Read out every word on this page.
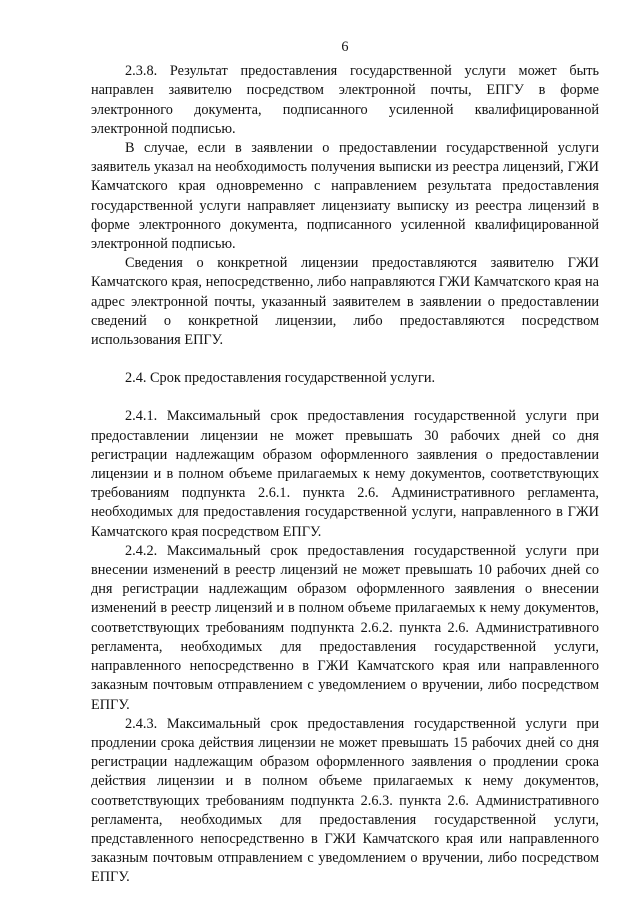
6

2.3.8. Результат предоставления государственной услуги может быть направлен заявителю посредством электронной почты, ЕПГУ в форме электронного документа, подписанного усиленной квалифицированной электронной подписью.

В случае, если в заявлении о предоставлении государственной услуги заявитель указал на необходимость получения выписки из реестра лицензий, ГЖИ Камчатского края одновременно с направлением результата предоставления государственной услуги направляет лицензиату выписку из реестра лицензий в форме электронного документа, подписанного усиленной квалифицированной электронной подписью.

Сведения о конкретной лицензии предоставляются заявителю ГЖИ Камчатского края, непосредственно, либо направляются ГЖИ Камчатского края на адрес электронной почты, указанный заявителем в заявлении о предоставлении сведений о конкретной лицензии, либо предоставляются посредством использования ЕПГУ.

2.4. Срок предоставления государственной услуги.

2.4.1. Максимальный срок предоставления государственной услуги при предоставлении лицензии не может превышать 30 рабочих дней со дня регистрации надлежащим образом оформленного заявления о предоставлении лицензии и в полном объеме прилагаемых к нему документов, соответствующих требованиям подпункта 2.6.1. пункта 2.6. Административного регламента, необходимых для предоставления государственной услуги, направленного в ГЖИ Камчатского края посредством ЕПГУ.

2.4.2. Максимальный срок предоставления государственной услуги при внесении изменений в реестр лицензий не может превышать 10 рабочих дней со дня регистрации надлежащим образом оформленного заявления о внесении изменений в реестр лицензий и в полном объеме прилагаемых к нему документов, соответствующих требованиям подпункта 2.6.2. пункта 2.6. Административного регламента, необходимых для предоставления государственной услуги, направленного непосредственно в ГЖИ Камчатского края или направленного заказным почтовым отправлением с уведомлением о вручении, либо посредством ЕПГУ.

2.4.3. Максимальный срок предоставления государственной услуги при продлении срока действия лицензии не может превышать 15 рабочих дней со дня регистрации надлежащим образом оформленного заявления о продлении срока действия лицензии и в полном объеме прилагаемых к нему документов, соответствующих требованиям подпункта 2.6.3. пункта 2.6. Административного регламента, необходимых для предоставления государственной услуги, представленного непосредственно в ГЖИ Камчатского края или направленного заказным почтовым отправлением с уведомлением о вручении, либо посредством ЕПГУ.
